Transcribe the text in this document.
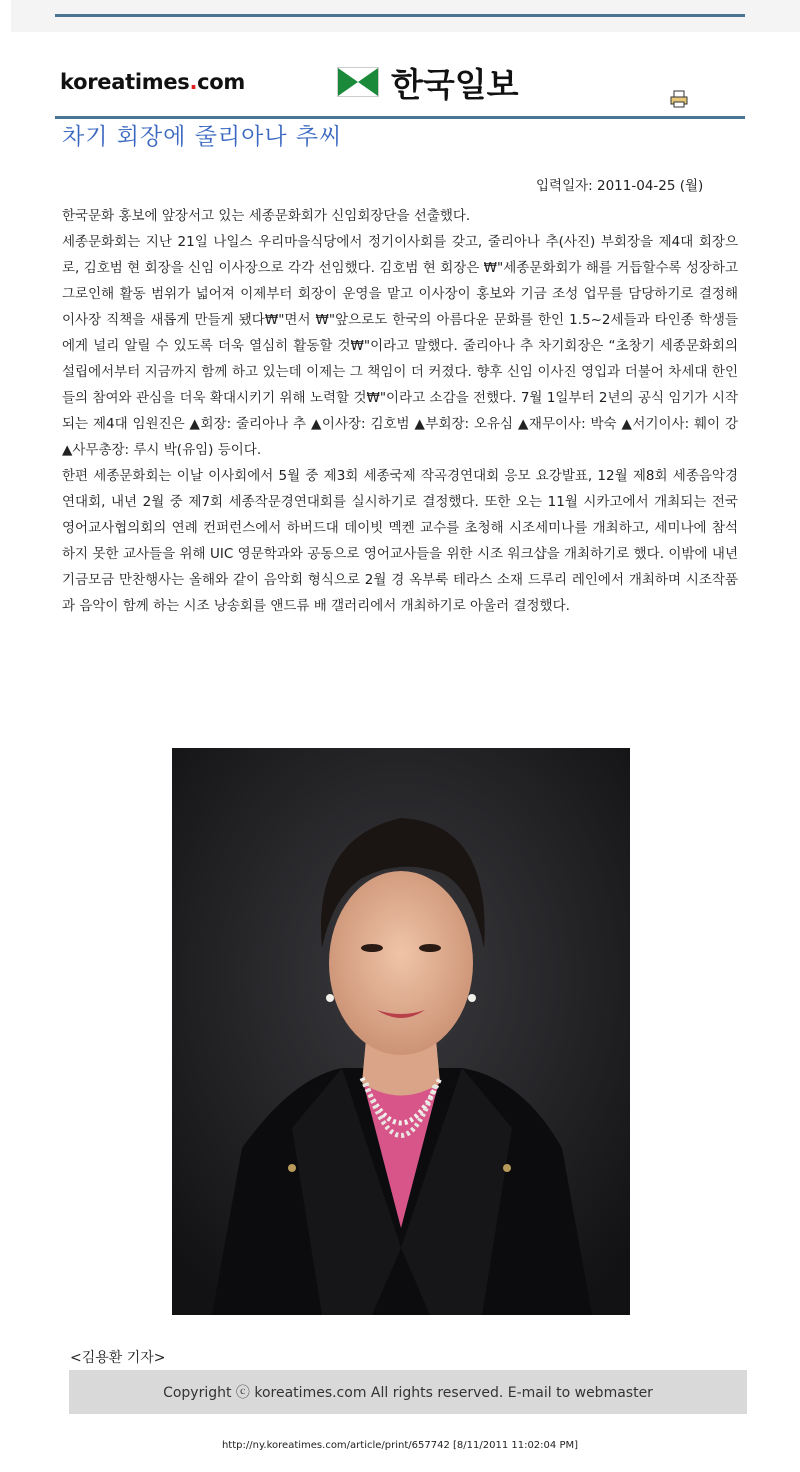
koreatimes.com	한국일보
차기 회장에 줄리아나 추씨
입력일자: 2011-04-25 (월)

한국문화 홍보에 앞장서고 있는 세종문화회가 신임회장단을 선출했다.

세종문화회는 지난 21일 나일스 우리마을식당에서 정기이사회를 갖고, 줄리아나 추(사진) 부회장을 제4대 회장으로, 김호범 현 회장을 신임 이사장으로 각각 선임했다. 김호범 현 회장은 ₩"세종문화회가 해를 거듭할수록 성장하고 그로인해 활동 범위가 넓어져 이제부터 회장이 운영을 맡고 이사장이 홍보와 기금 조성 업무를 담당하기로 결정해 이사장 직책을 새롭게 만들게 됐다₩"면서 ₩"앞으로도 한국의 아름다운 문화를 한인 1.5~2세들과 타인종 학생들에게 널리 알릴 수 있도록 더욱 열심히 활동할 것₩"이라고 말했다. 줄리아나 추 차기회장은 “초창기 세종문화회의 설립에서부터 지금까지 함께 하고 있는데 이제는 그 책임이 더 커졌다. 향후 신임 이사진 영입과 더불어 차세대 한인들의 참여와 관심을 더욱 확대시키기 위해 노력할 것₩"이라고 소감을 전했다. 7월 1일부터 2년의 공식 임기가 시작되는 제4대 임원진은 ▲회장: 줄리아나 추 ▲이사장: 김호범 ▲부회장: 오유심 ▲재무이사: 박숙 ▲서기이사: 훼이 강 ▲사무총장: 루시 박(유임) 등이다.

한편 세종문화회는 이날 이사회에서 5월 중 제3회 세종국제 작곡경연대회 응모 요강발표, 12월 제8회 세종음악경연대회, 내년 2월 중 제7회 세종작문경연대회를 실시하기로 결정했다. 또한 오는 11월 시카고에서 개최되는 전국 영어교사협의회의 연례 컨퍼런스에서 하버드대 데이빗 멕켄 교수를 초청해 시조세미나를 개최하고, 세미나에 참석하지 못한 교사들을 위해 UIC 영문학과와 공동으로 영어교사들을 위한 시조 워크샵을 개최하기로 했다. 이밖에 내년 기금모금 만찬행사는 올해와 같이 음악회 형식으로 2월 경 옥부룩 테라스 소재 드루리 레인에서 개최하며 시조작품과 음악이 함께 하는 시조 낭송회를 앤드류 배 갤러리에서 개최하기로 아울러 결정했다.

<김용환 기자>
Copyright ⓒ koreatimes.com All rights reserved. E-mail to webmaster
http://ny.koreatimes.com/article/print/657742 [8/11/2011 11:02:04 PM]
